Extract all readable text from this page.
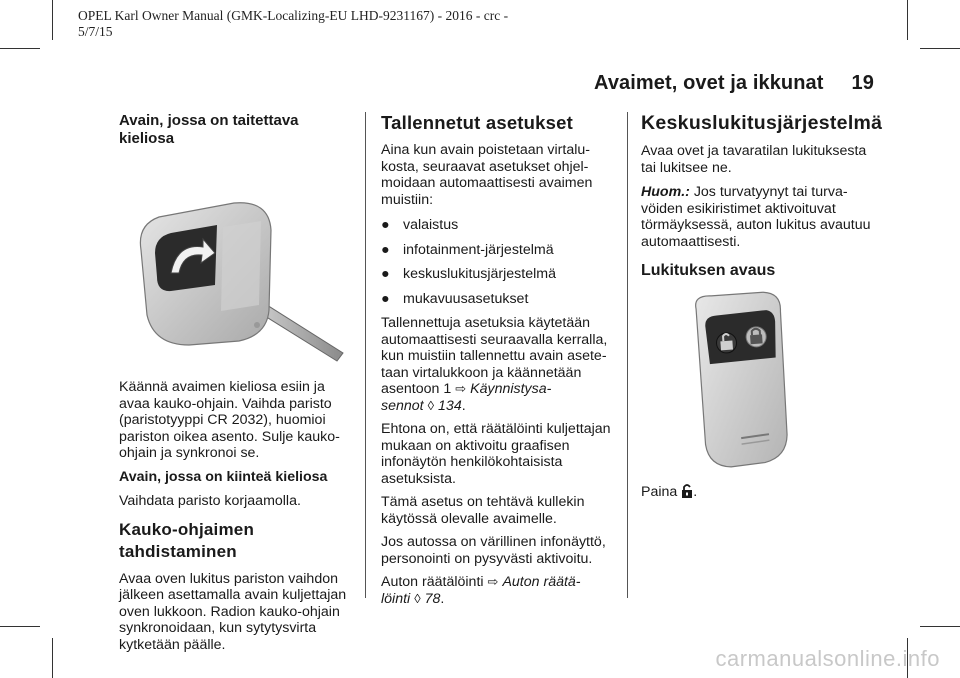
OPEL Karl Owner Manual (GMK-Localizing-EU LHD-9231167) - 2016 - crc -
5/7/15
Avaimet, ovet ja ikkunat 19
Avain, jossa on taitettava kieliosa

Käännä avaimen kieliosa esiin ja avaa kauko-ohjain. Vaihda paristo (paristotyyppi CR 2032), huomioi pariston oikea asento. Sulje kauko-ohjain ja synkronoi se.

Avain, jossa on kiinteä kieliosa

Vaihdata paristo korjaamolla.

Kauko-ohjaimen tahdistaminen

Avaa oven lukitus pariston vaihdon jälkeen asettamalla avain kuljettajan oven lukkoon. Radion kauko-ohjain synkronoidaan, kun sytytysvirta kytketään päälle.

Tallennetut asetukset

Aina kun avain poistetaan virtalu-kosta, seuraavat asetukset ohjel-moidaan automaattisesti avaimen muistiin:

● valaistus
● infotainment-järjestelmä
● keskuslukitusjärjestelmä
● mukavuusasetukset

Tallennettuja asetuksia käytetään automaattisesti seuraavalla kerralla, kun muistiin tallennettu avain asete-taan virtalukkoon ja käännetään
asentoon 1 ⇨ Käynnistysa-
sennot ◊ 134.

Ehtona on, että räätälöinti kuljettajan mukaan on aktivoitu graafisen infonäytön henkilökohtaisista asetuksista.

Tämä asetus on tehtävä kullekin käytössä olevalle avaimelle.

Jos autossa on värillinen infonäyttö, personointi on pysyvästi aktivoitu.

Auton räätälöinti ⇨ Auton räätä-
löinti ◊ 78.

Keskuslukitusjärjestelmä

Avaa ovet ja tavaratilan lukituksesta tai lukitsee ne.

Huom.: Jos turvatyynyt tai turva-vöiden esikiristimet aktivoituvat törmäyksessä, auton lukitus avautuu automaattisesti.

Lukituksen avaus

Paina .

carmanualsonline.info
